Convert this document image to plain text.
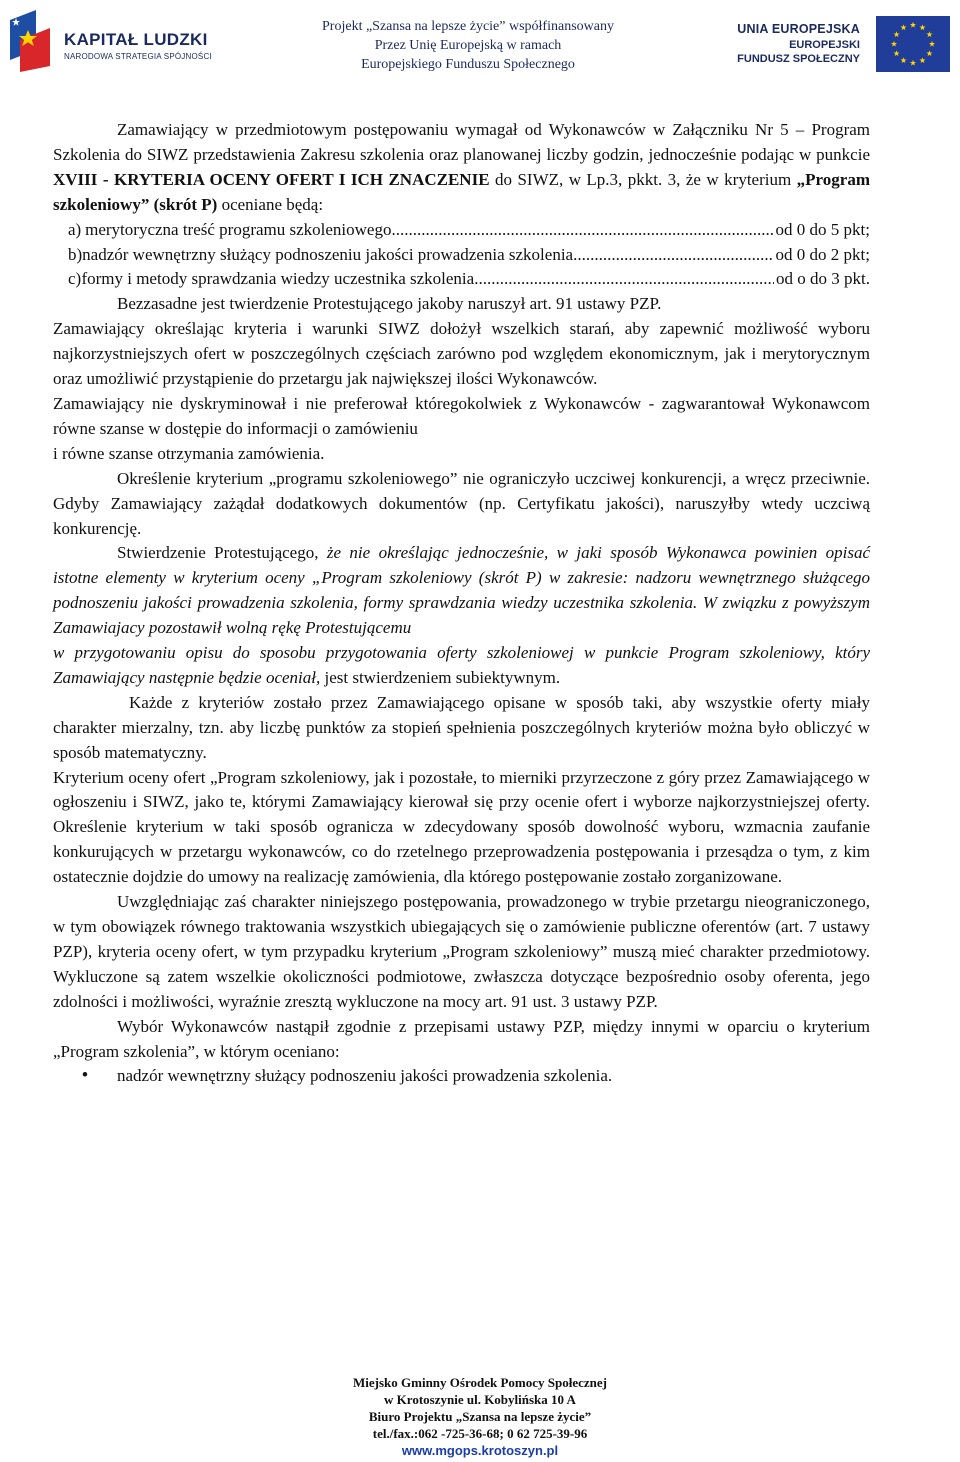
KAPITAŁ LUDZKI
NARODOWA STRATEGIA SPÓJNOŚCI
Projekt „Szansa na lepsze życie” współfinansowany
Przez Unię Europejską w ramach
Europejskiego Funduszu Społecznego
UNIA EUROPEJSKA
EUROPEJSKI
FUNDUSZ SPOŁECZNY

Zamawiający w przedmiotowym postępowaniu wymagał od Wykonawców w Załączniku Nr 5 – Program Szkolenia do SIWZ przedstawienia Zakresu szkolenia oraz planowanej liczby godzin, jednocześnie podając w punkcie XVIII - KRYTERIA OCENY OFERT I ICH ZNACZENIE do SIWZ, w Lp.3, pkkt. 3, że w kryterium „Program szkoleniowy” (skrót P) oceniane będą:

a) merytoryczna treść programu szkoleniowego .....	od 0 do 5 pkt;
b) nadzór wewnętrzny służący podnoszeniu jakości prowadzenia szkolenia .....	od 0 do 2 pkt;
c) formy i metody sprawdzania wiedzy uczestnika szkolenia .....	od o do 3 pkt.

Bezzasadne jest twierdzenie Protestującego jakoby naruszył art. 91 ustawy PZP.

Zamawiający określając kryteria i warunki SIWZ dołożył wszelkich starań, aby zapewnić możliwość wyboru najkorzystniejszych ofert w poszczególnych częściach zarówno pod względem ekonomicznym, jak i merytorycznym oraz umożliwić przystąpienie do przetargu jak największej ilości Wykonawców.

Zamawiający nie dyskryminował i nie preferował któregokolwiek z Wykonawców - zagwarantował Wykonawcom równe szanse w dostępie do informacji o zamówieniu

i równe szanse otrzymania zamówienia.

Określenie kryterium „programu szkoleniowego” nie ograniczyło uczciwej konkurencji, a wręcz przeciwnie. Gdyby Zamawiający zażądał dodatkowych dokumentów (np. Certyfikatu jakości), naruszyłby wtedy uczciwą konkurencję.

Stwierdzenie Protestującego, że nie określając jednocześnie, w jaki sposób Wykonawca powinien opisać istotne elementy w kryterium oceny „Program szkoleniowy (skrót P) w zakresie: nadzoru wewnętrznego służącego podnoszeniu jakości prowadzenia szkolenia, formy sprawdzania wiedzy uczestnika szkolenia. W związku z powyższym Zamawiajacy pozostawił wolną rękę Protestującemu

w przygotowaniu opisu do sposobu przygotowania oferty szkoleniowej w punkcie Program szkoleniowy, który Zamawiający następnie będzie oceniał, jest stwierdzeniem subiektywnym.

Każde z kryteriów zostało przez Zamawiającego opisane w sposób taki, aby wszystkie oferty miały charakter mierzalny, tzn. aby liczbę punktów za stopień spełnienia poszczególnych kryteriów można było obliczyć w sposób matematyczny.

Kryterium oceny ofert „Program szkoleniowy, jak i pozostałe, to mierniki przyrzeczone z góry przez Zamawiającego w ogłoszeniu i SIWZ, jako te, którymi Zamawiający kierował się przy ocenie ofert i wyborze najkorzystniejszej oferty. Określenie kryterium w taki sposób ogranicza w zdecydowany sposób dowolność wyboru, wzmacnia zaufanie konkurujących w przetargu wykonawców, co do rzetelnego przeprowadzenia postępowania i przesądza o tym, z kim ostatecznie dojdzie do umowy na realizację zamówienia, dla którego postępowanie zostało zorganizowane.

Uwzględniając zaś charakter niniejszego postępowania, prowadzonego w trybie przetargu nieograniczonego, w tym obowiązek równego traktowania wszystkich ubiegających się o zamówienie publiczne oferentów (art. 7 ustawy PZP), kryteria oceny ofert, w tym przypadku kryterium „Program szkoleniowy” muszą mieć charakter przedmiotowy. Wykluczone są zatem wszelkie okoliczności podmiotowe, zwłaszcza dotyczące bezpośrednio osoby oferenta, jego zdolności i możliwości, wyraźnie zresztą wykluczone na mocy art. 91 ust. 3 ustawy PZP.

Wybór Wykonawców nastąpił zgodnie z przepisami ustawy PZP, między innymi w oparciu o kryterium „Program szkolenia”, w którym oceniano:

•	nadzór wewnętrzny służący podnoszeniu jakości prowadzenia szkolenia.
Miejsko Gminny Ośrodek Pomocy Społecznej
w Krotoszynie ul. Kobylińska 10 A
Biuro Projektu „Szansa na lepsze życie”
tel./fax.:062 -725-36-68; 0 62 725-39-96
www.mgops.krotoszyn.pl
